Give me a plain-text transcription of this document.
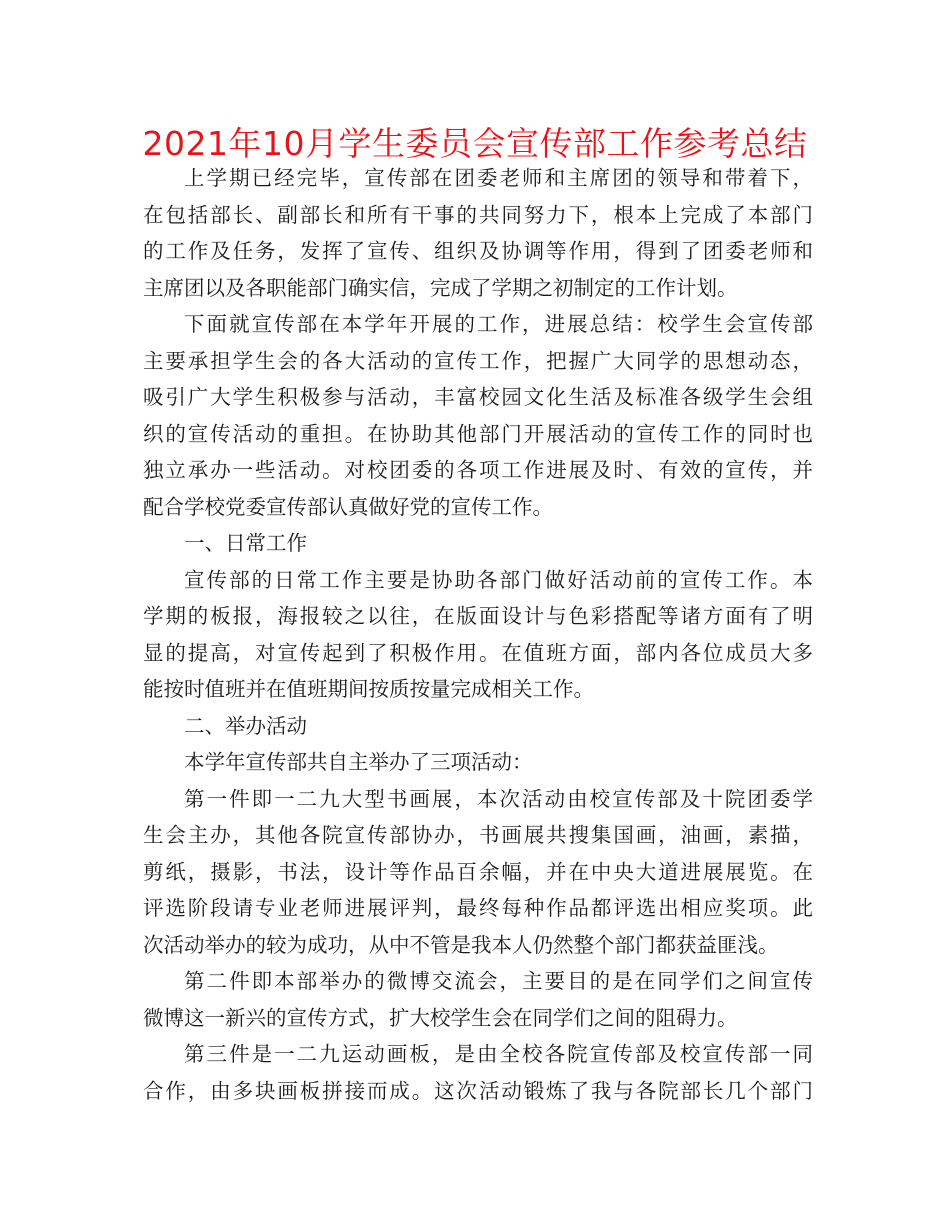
2021年10月学生委员会宣传部工作参考总结
上学期已经完毕，宣传部在团委老师和主席团的领导和带着下，
在包括部长、副部长和所有干事的共同努力下，根本上完成了本部门
的工作及任务，发挥了宣传、组织及协调等作用，得到了团委老师和
主席团以及各职能部门确实信，完成了学期之初制定的工作计划。
下面就宣传部在本学年开展的工作，进展总结：校学生会宣传部
主要承担学生会的各大活动的宣传工作，把握广大同学的思想动态，
吸引广大学生积极参与活动，丰富校园文化生活及标准各级学生会组
织的宣传活动的重担。在协助其他部门开展活动的宣传工作的同时也
独立承办一些活动。对校团委的各项工作进展及时、有效的宣传，并
配合学校党委宣传部认真做好党的宣传工作。
一、日常工作
宣传部的日常工作主要是协助各部门做好活动前的宣传工作。本
学期的板报，海报较之以往，在版面设计与色彩搭配等诸方面有了明
显的提高，对宣传起到了积极作用。在值班方面，部内各位成员大多
能按时值班并在值班期间按质按量完成相关工作。
二、举办活动
本学年宣传部共自主举办了三项活动：
第一件即一二九大型书画展，本次活动由校宣传部及十院团委学
生会主办，其他各院宣传部协办，书画展共搜集国画，油画，素描，
剪纸，摄影，书法，设计等作品百余幅，并在中央大道进展展览。在
评选阶段请专业老师进展评判，最终每种作品都评选出相应奖项。此
次活动举办的较为成功，从中不管是我本人仍然整个部门都获益匪浅。
第二件即本部举办的微博交流会，主要目的是在同学们之间宣传
微博这一新兴的宣传方式，扩大校学生会在同学们之间的阻碍力。
第三件是一二九运动画板，是由全校各院宣传部及校宣传部一同
合作，由多块画板拼接而成。这次活动锻炼了我与各院部长几个部门
